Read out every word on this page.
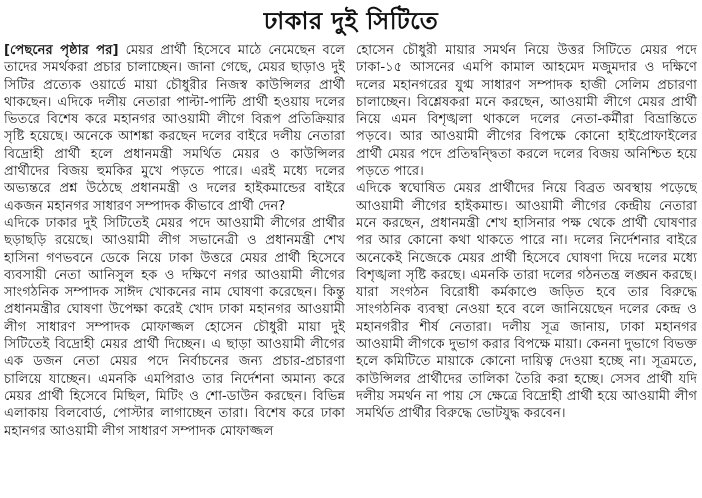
ঢাকার দুই সিটিতে

[পেছনের পৃষ্ঠার পর] মেয়র প্রার্থী হিসেবে মাঠে নেমেছেন বলে তাদের সমর্থকরা প্রচার চালাচ্ছেন। জানা গেছে, মেয়র ছাড়াও দুই সিটির প্রত্যেক ওয়ার্ডে মায়া চৌধুরীর নিজস্ব কাউন্সিলর প্রার্থী থাকছেন। এদিকে দলীয় নেতারা পাল্টা-পাল্টি প্রার্থী হওয়ায় দলের ভিতরে বিশেষ করে মহানগর আওয়ামী লীগে বিরূপ প্রতিক্রিয়ার সৃষ্টি হয়েছে। অনেকে আশঙ্কা করছেন দলের বাইরে দলীয় নেতারা বিদ্রোহী প্রার্থী হলে প্রধানমন্ত্রী সমর্থিত মেয়র ও কাউন্সিলর প্রার্থীদের বিজয় হুমকির মুখে পড়তে পারে। এরই মধ্যে দলের অভ্যন্তরে প্রশ্ন উঠেছে প্রধানমন্ত্রী ও দলের হাইকমান্ডের বাইরে একজন মহানগর সাধারণ সম্পাদক কীভাবে প্রার্থী দেন?

এদিকে ঢাকার দুই সিটিতেই মেয়র পদে আওয়ামী লীগের প্রার্থীর ছড়াছড়ি রয়েছে। আওয়ামী লীগ সভানেত্রী ও প্রধানমন্ত্রী শেখ হাসিনা গণভবনে ডেকে নিয়ে ঢাকা উত্তরে মেয়র প্রার্থী হিসেবে ব্যবসায়ী নেতা আনিসুল হক ও দক্ষিণে নগর আওয়ামী লীগের সাংগঠনিক সম্পাদক সাঈদ খোকনের নাম ঘোষণা করেছেন। কিন্তু প্রধানমন্ত্রীর ঘোষণা উপেক্ষা করেই খোদ ঢাকা মহানগর আওয়ামী লীগ সাধারণ সম্পাদক মোফাজ্জল হোসেন চৌধুরী মায়া দুই সিটিতেই বিদ্রোহী মেয়র প্রার্থী দিচ্ছেন। এ ছাড়া আওয়ামী লীগের এক ডজন নেতা মেয়র পদে নির্বাচনের জন্য প্রচার-প্রচারণা চালিয়ে যাচ্ছেন। এমনকি এমপিরাও তার নির্দেশনা অমান্য করে মেয়র প্রার্থী হিসেবে মিছিল, মিটিং ও শো-ডাউন করছেন। বিভিন্ন এলাকায় বিলবোর্ড, পোস্টার লাগাচ্ছেন তারা। বিশেষ করে ঢাকা মহানগর আওয়ামী লীগ সাধারণ সম্পাদক মোফাজ্জল

হোসেন চৌধুরী মায়ার সমর্থন নিয়ে উত্তর সিটিতে মেয়র পদে ঢাকা-১৫ আসনের এমপি কামাল আহমেদ মজুমদার ও দক্ষিণে দলের মহানগরের যুগ্ম সাধারণ সম্পাদক হাজী সেলিম প্রচারণা চালাচ্ছেন। বিশ্লেষকরা মনে করছেন, আওয়ামী লীগে মেয়র প্রার্থী নিয়ে এমন বিশৃঙ্খলা থাকলে দলের নেতা-কর্মীরা বিভ্রান্তিতে পড়বে। আর আওয়ামী লীগের বিপক্ষে কোনো হাইপ্রোফাইলের প্রার্থী মেয়র পদে প্রতিদ্বন্দ্বিতা করলে দলের বিজয় অনিশ্চিত হয়ে পড়তে পারে।

এদিকে স্বঘোষিত মেয়র প্রার্থীদের নিয়ে বিব্রত অবস্থায় পড়েছে আওয়ামী লীগের হাইকমান্ড। আওয়ামী লীগের কেন্দ্রীয় নেতারা মনে করছেন, প্রধানমন্ত্রী শেখ হাসিনার পক্ষ থেকে প্রার্থী ঘোষণার পর আর কোনো কথা থাকতে পারে না। দলের নির্দেশনার বাইরে অনেকেই নিজেকে মেয়র প্রার্থী হিসেবে ঘোষণা দিয়ে দলের মধ্যে বিশৃঙ্খলা সৃষ্টি করছে। এমনকি তারা দলের গঠনতন্ত্র লঙ্ঘন করছে। যারা সংগঠন বিরোধী কর্মকাণ্ডে জড়িত হবে তার বিরুদ্ধে সাংগঠনিক ব্যবস্থা নেওয়া হবে বলে জানিয়েছেন দলের কেন্দ্র ও মহানগরীর শীর্ষ নেতারা। দলীয় সূত্র জানায়, ঢাকা মহানগর আওয়ামী লীগকে দুভাগ করার বিপক্ষে মায়া। কেননা দুভাগে বিভক্ত হলে কমিটিতে মায়াকে কোনো দায়িত্ব দেওয়া হচ্ছে না। সূত্রমতে, কাউন্সিলর প্রার্থীদের তালিকা তৈরি করা হচ্ছে। সেসব প্রার্থী যদি দলীয় সমর্থন না পায় সে ক্ষেত্রে বিদ্রোহী প্রার্থী হয়ে আওয়ামী লীগ সমর্থিত প্রার্থীর বিরুদ্ধে ভোটযুদ্ধ করবেন।
